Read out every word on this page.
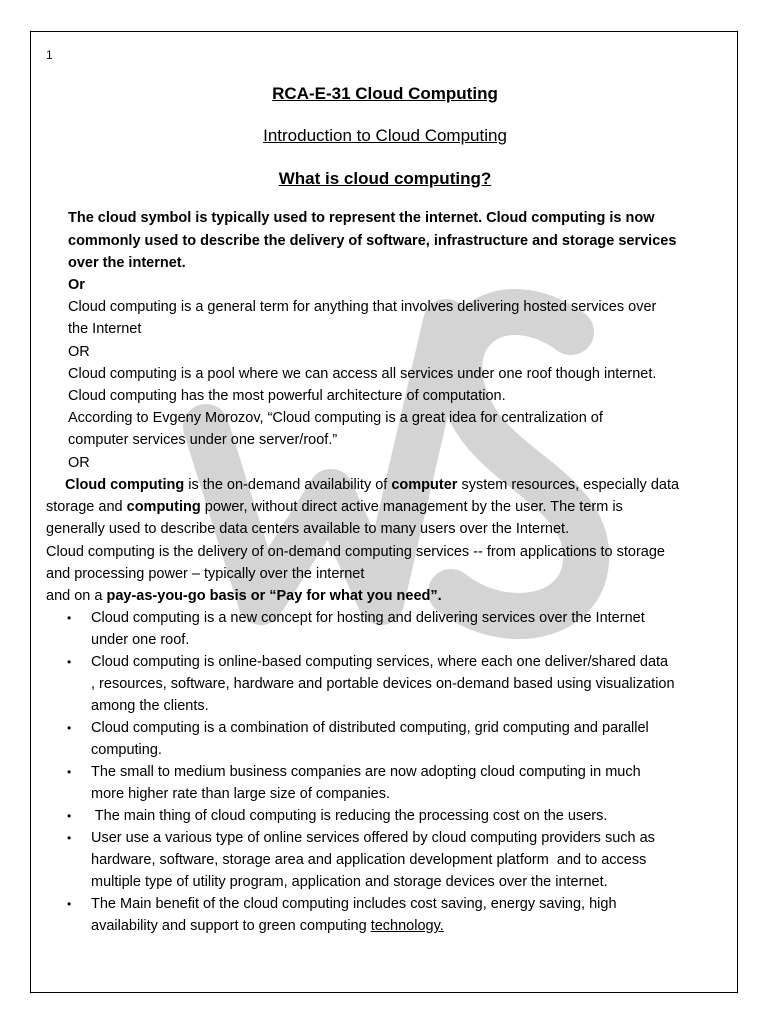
1
RCA-E-31 Cloud Computing
Introduction to Cloud Computing
What is cloud computing?
The cloud symbol is typically used to represent the internet. Cloud computing is now
commonly used to describe the delivery of software, infrastructure and storage services
over the internet.
Or
Cloud computing is a general term for anything that involves delivering hosted services over
the Internet
OR
Cloud computing is a pool where we can access all services under one roof though internet.
Cloud computing has the most powerful architecture of computation.
According to Evgeny Morozov, “Cloud computing is a great idea for centralization of
computer services under one server/roof.”
OR
Cloud computing is the on-demand availability of computer system resources, especially data
storage and computing power, without direct active management by the user. The term is
generally used to describe data centers available to many users over the Internet.
Cloud computing is the delivery of on-demand computing services -- from applications to storage
and processing power – typically over the internet
and on a pay-as-you-go basis or “Pay for what you need”.
• Cloud computing is a new concept for hosting and delivering services over the Internet
under one roof.
• Cloud computing is online-based computing services, where each one deliver/shared data
, resources, software, hardware and portable devices on-demand based using visualization
among the clients.
• Cloud computing is a combination of distributed computing, grid computing and parallel
computing.
• The small to medium business companies are now adopting cloud computing in much
more higher rate than large size of companies.
• The main thing of cloud computing is reducing the processing cost on the users.
• User use a various type of online services offered by cloud computing providers such as
hardware, software, storage area and application development platform  and to access
multiple type of utility program, application and storage devices over the internet.
• The Main benefit of the cloud computing includes cost saving, energy saving, high
availability and support to green computing technology.
